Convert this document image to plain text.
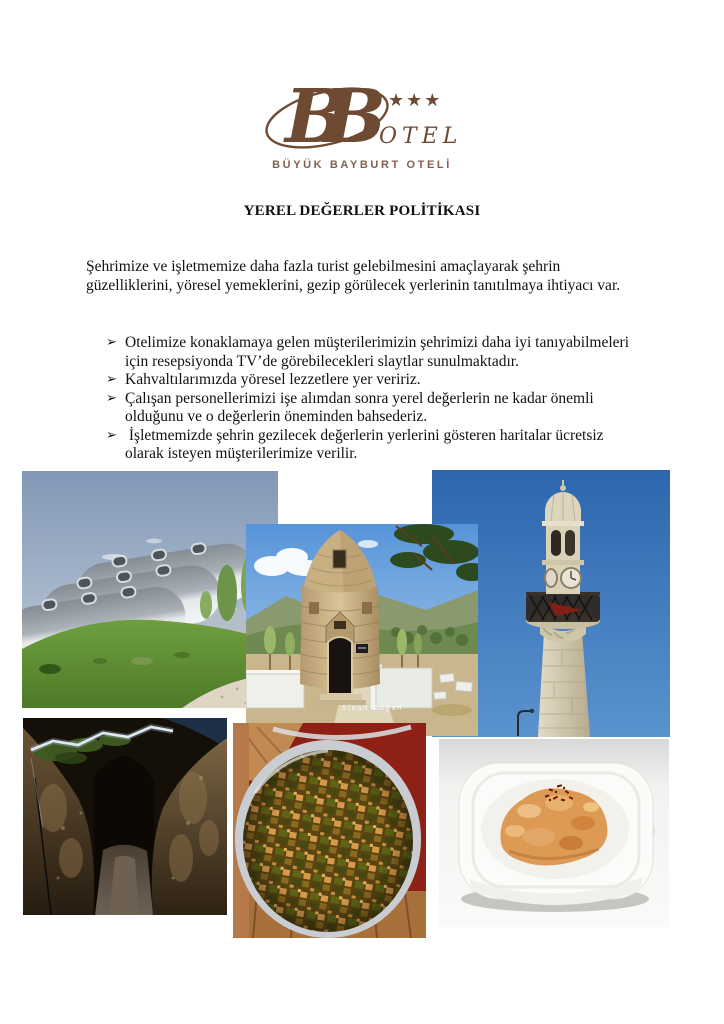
BB	★★★
OTEL
BÜYÜK BAYBURT OTELİ
YEREL DEĞERLER POLİTİKASI
Şehrimize ve işletmemize daha fazla turist gelebilmesini amaçlayarak şehrin güzelliklerini, yöresel yemeklerini, gezip görülecek yerlerinin tanıtılmaya ihtiyacı var.
➢ Otelimize konaklamaya gelen müşterilerimizin şehrimizi daha iyi tanıyabilmeleri için resepsiyonda TV’de görebilecekleri slaytlar sunulmaktadır.
➢ Kahvaltılarımızda yöresel lezzetlere yer veririz.
➢ Çalışan personellerimizi işe alımdan sonra yerel değerlerin ne kadar önemli olduğunu ve o değerlerin öneminden bahsederiz.
➢ İşletmemizde şehrin gezilecek değerlerin yerlerini gösteren haritalar ücretsiz olarak isteyen müşterilerimize verilir.
Sinan Doğan
